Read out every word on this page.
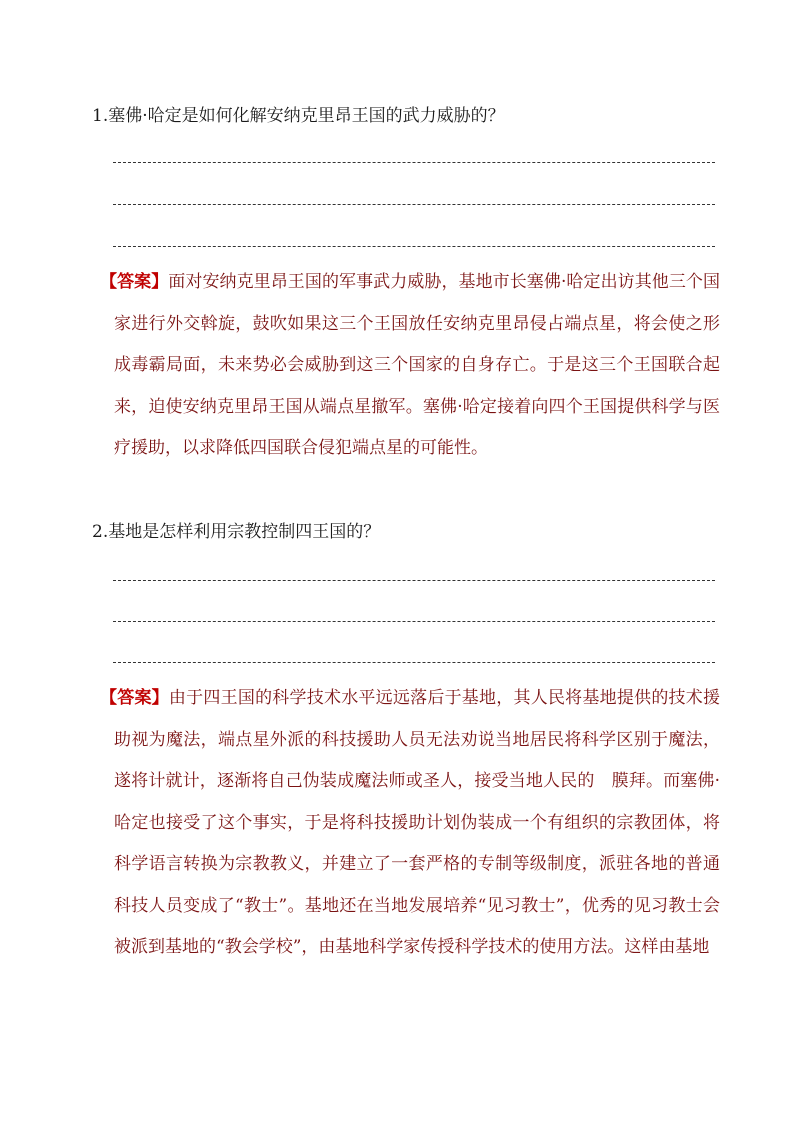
1.塞佛·哈定是如何化解安纳克里昂王国的武力威胁的？
【答案】面对安纳克里昂王国的军事武力威胁，基地市长塞佛·哈定出访其他三个国家进行外交斡旋，鼓吹如果这三个王国放任安纳克里昂侵占端点星，将会使之形成毒霸局面，未来势必会威胁到这三个国家的自身存亡。于是这三个王国联合起来，迫使安纳克里昂王国从端点星撤军。塞佛·哈定接着向四个王国提供科学与医疗援助，以求降低四国联合侵犯端点星的可能性。
2.基地是怎样利用宗教控制四王国的？
【答案】由于四王国的科学技术水平远远落后于基地，其人民将基地提供的技术援助视为魔法，端点星外派的科技援助人员无法劝说当地居民将科学区别于魔法，遂将计就计，逐渐将自己伪装成魔法师或圣人，接受当地人民的　膜拜。而塞佛·哈定也接受了这个事实，于是将科技援助计划伪装成一个有组织的宗教团体，将科学语言转换为宗教教义，并建立了一套严格的专制等级制度，派驻各地的普通科技人员变成了“教士”。基地还在当地发展培养“见习教士”，优秀的见习教士会被派到基地的“教会学校”，由基地科学家传授科学技术的使用方法。这样由基地
